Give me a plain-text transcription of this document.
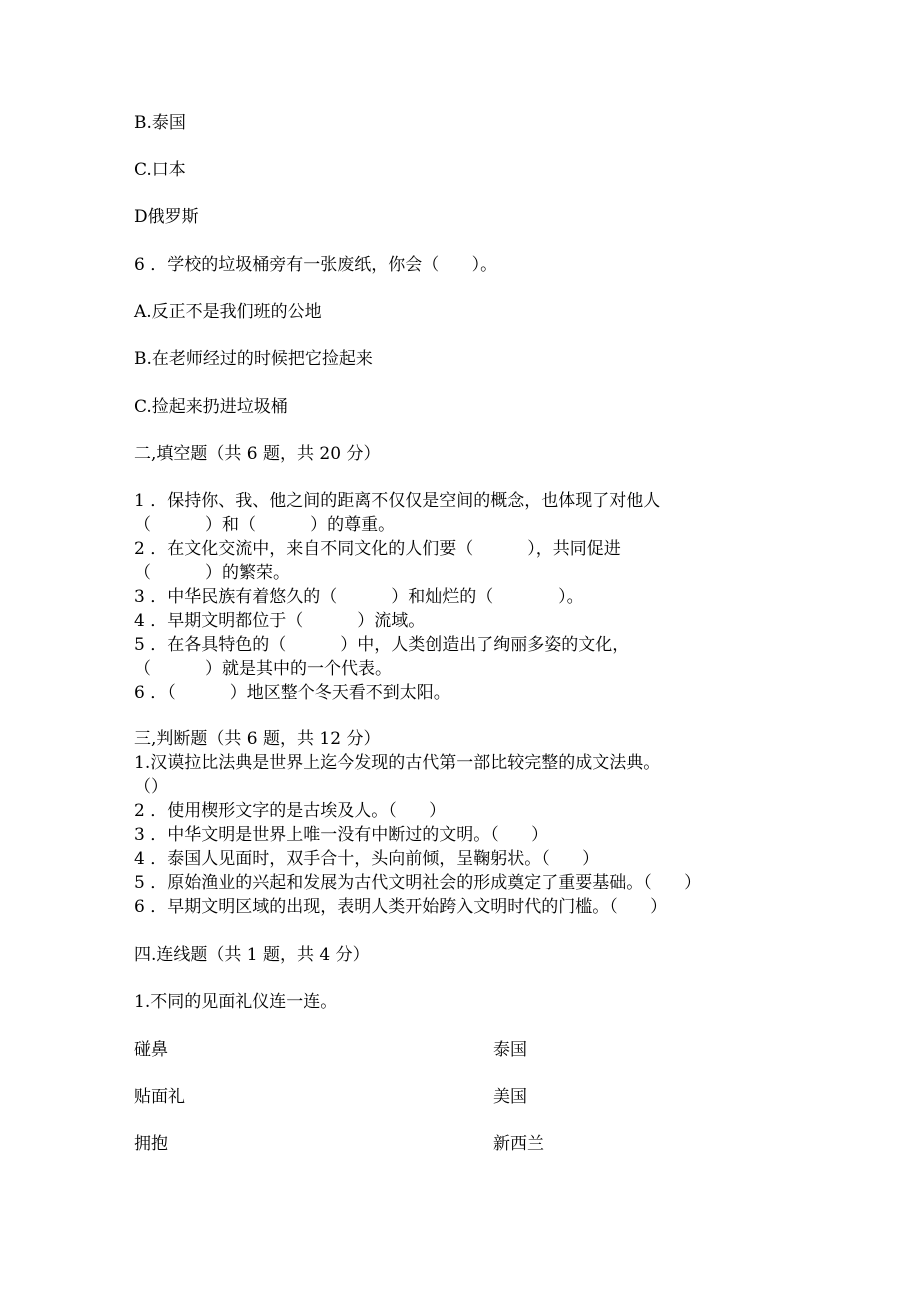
B.泰国
C.口本
D俄罗斯
6 ．学校的垃圾桶旁有一张废纸，你会（      ）。
A.反正不是我们班的公地
B.在老师经过的时候把它捡起来
C.捡起来扔进垃圾桶
二,填空题（共 6 题，共 20 分）
1 ．保持你、我、他之间的距离不仅仅是空间的概念，也体现了对他人
（          ）和（          ）的尊重。
2 ．在文化交流中，来自不同文化的人们要（          ），共同促进
（          ）的繁荣。
3 ．中华民族有着悠久的（          ）和灿烂的（            ）。
4 ．早期文明都位于（          ）流域。
5 ．在各具特色的（          ）中，人类创造出了绚丽多姿的文化，
（          ）就是其中的一个代表。
6 ．（          ）地区整个冬天看不到太阳。
三,判断题（共 6 题，共 12 分）
1.汉谟拉比法典是世界上迄今发现的古代第一部比较完整的成文法典。
（）
2 ．使用楔形文字的是古埃及人。（      ）
3 ．中华文明是世界上唯一没有中断过的文明。（      ）
4 ．泰国人见面时，双手合十，头向前倾，呈鞠躬状。（      ）
5 ．原始渔业的兴起和发展为古代文明社会的形成奠定了重要基础。（      ）
6 ．早期文明区域的出现，表明人类开始跨入文明时代的门槛。（      ）
四.连线题（共 1 题，共 4 分）
1.不同的见面礼仪连一连。
碰鼻	泰国
贴面礼	美国
拥抱	新西兰
